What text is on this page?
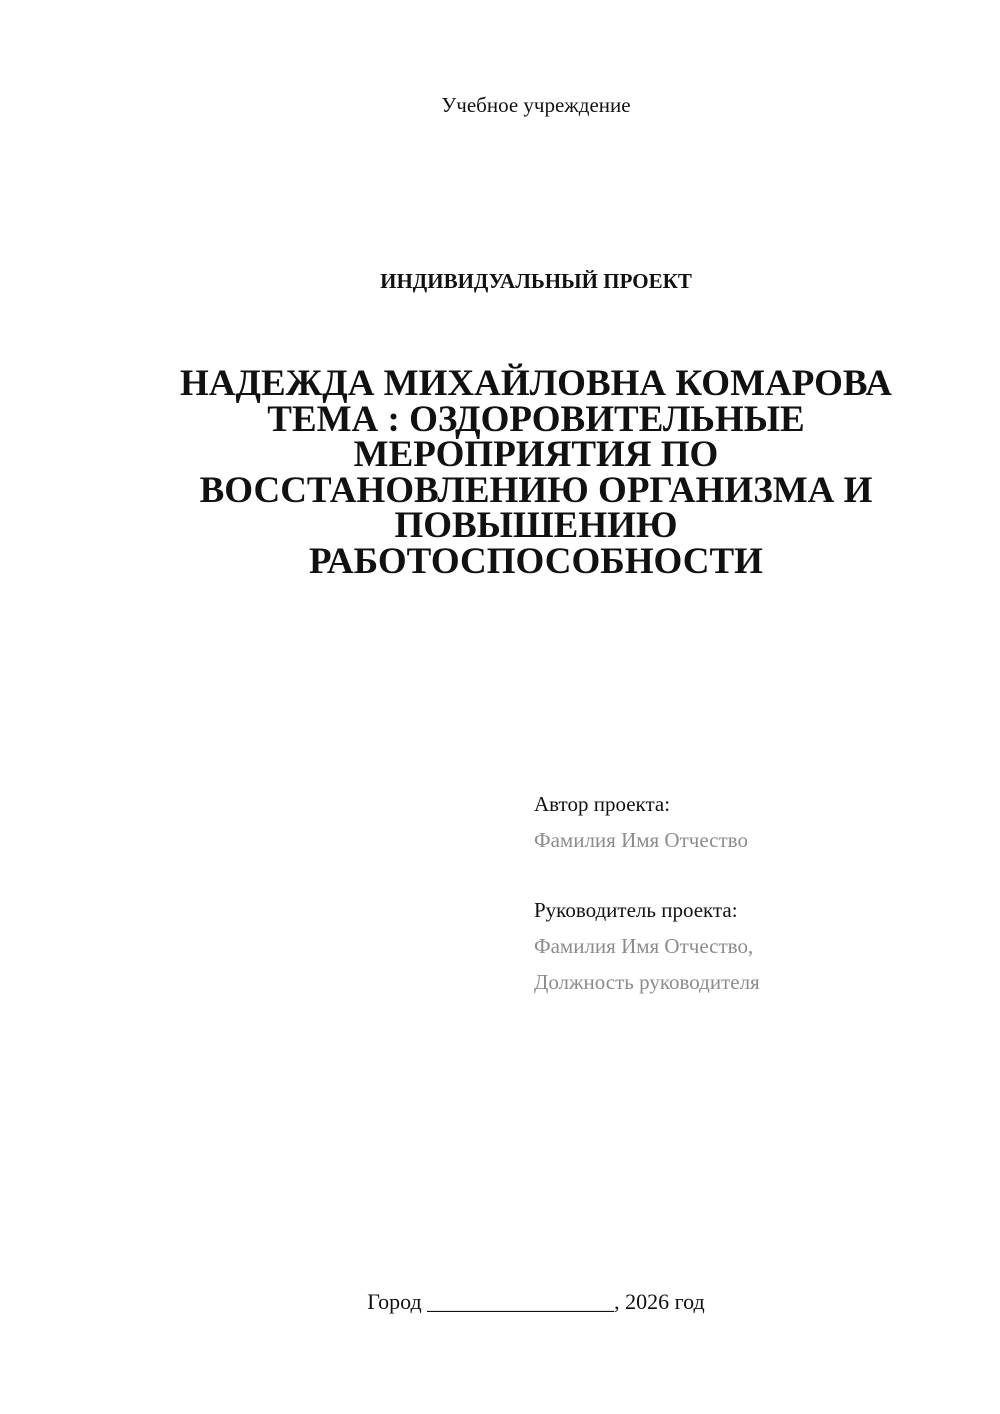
Учебное учреждение
ИНДИВИДУАЛЬНЫЙ ПРОЕКТ
НАДЕЖДА МИХАЙЛОВНА КОМАРОВА
ТЕМА : ОЗДОРОВИТЕЛЬНЫЕ
МЕРОПРИЯТИЯ ПО
ВОССТАНОВЛЕНИЮ ОРГАНИЗМА И
ПОВЫШЕНИЮ
РАБОТОСПОСОБНОСТИ
Автор проекта:
Фамилия Имя Отчество
Руководитель проекта:
Фамилия Имя Отчество,
Должность руководителя
Город _________________, 2026 год
